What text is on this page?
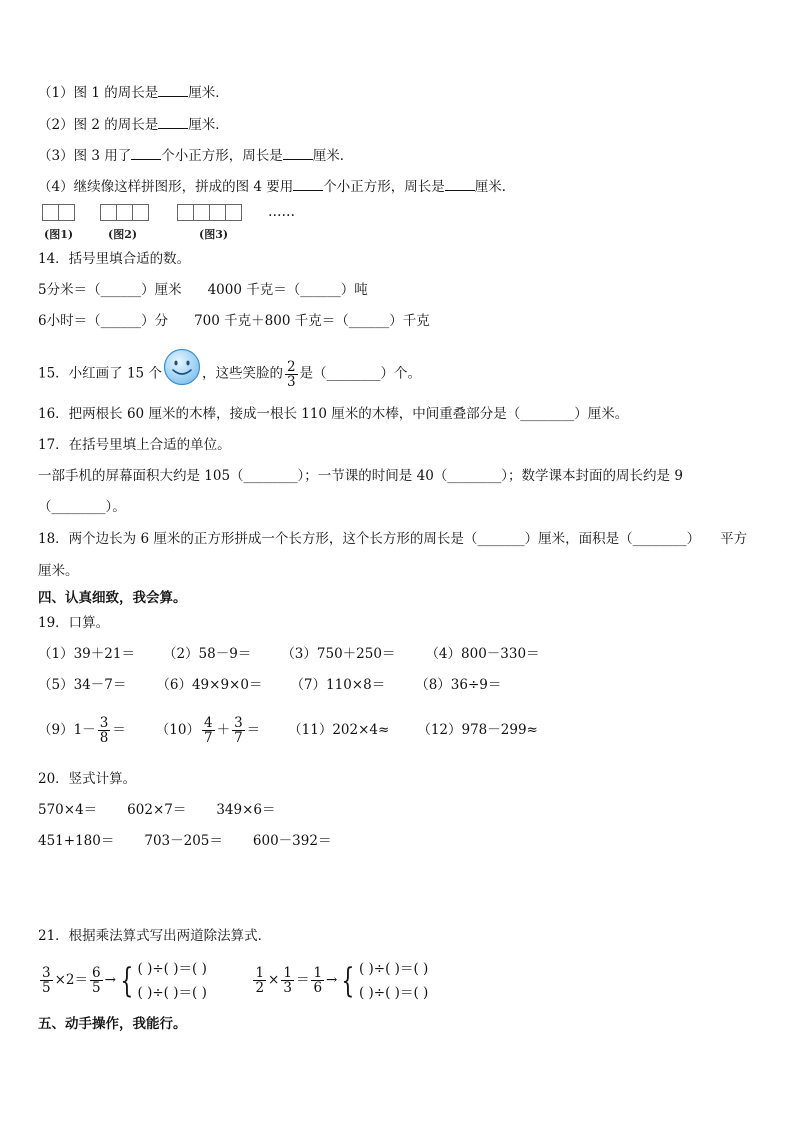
（1）图 1 的周长是 厘米．
（2）图 2 的周长是 厘米．
（3）图 3 用了 个小正方形，周长是 厘米．
（4）继续像这样拼图形，拼成的图 4 要用 个小正方形，周长是 厘米．
(图1)	(图2)	(图3)
……
14．括号里填合适的数。
5分米＝（______）厘米 4000 千克＝（______）吨
6小时＝（______）分 700 千克＋800 千克＝（______）千克
15．小红画了 15 个	，这些笑脸的 $\frac{2}{3}$ 是（________）个。
16．把两根长 60 厘米的木棒，接成一根长 110 厘米的木棒，中间重叠部分是（________）厘米。
17．在括号里填上合适的单位。
一部手机的屏幕面积大约是 105（________）；一节课的时间是 40（________）；数学课本封面的周长约是 9
（________）。
18．两个边长为 6 厘米的正方形拼成一个长方形，这个长方形的周长是（_______）厘米，面积是（________） 平方
厘米。
四、认真细致，我会算。
19．口算。
（1）39＋21＝ （2）58－9＝ （3）750＋250＝ （4）800－330＝
（5）34－7＝ （6）49×9×0＝ （7）110×8＝ （8）36÷9＝
$(9)1- \frac{3}{8} = (10) \frac{4}{7} + \frac{3}{7} = (11)202\times 4\approx (12)978-299\approx$
20．竖式计算。
570×4＝ 602×7＝ 349×6＝
451+180＝ 703－205＝ 600－392＝
21．根据乘法算式写出两道除法算式．
$\frac{3}{5} \times 2= \frac{6}{5}$ → { ( )÷( )＝( )
( )÷( )＝( )
	$\frac{1}{2} \times \frac{1}{3} = \frac{1}{6}$ → { ( )÷( )＝( )
( )÷( )＝( )
五、动手操作，我能行。
